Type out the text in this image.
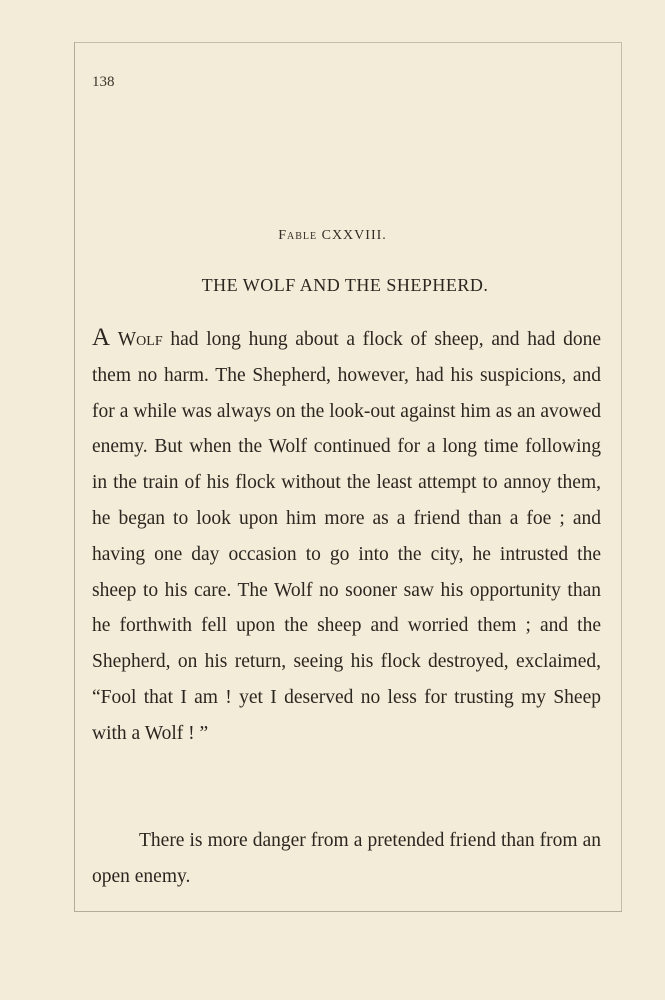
138
Fable CXXVIII.
THE WOLF AND THE SHEPHERD.

A Wolf had long hung about a flock of sheep, and had done them no harm. The Shepherd, however, had his suspicions, and for a while was always on the look-out against him as an avowed enemy. But when the Wolf continued for a long time following in the train of his flock without the least attempt to annoy them, he began to look upon him more as a friend than a foe ; and having one day occasion to go into the city, he intrusted the sheep to his care. The Wolf no sooner saw his opportunity than he forthwith fell upon the sheep and worried them ; and the Shepherd, on his return, seeing his flock destroyed, exclaimed, “Fool that I am ! yet I deserved no less for trusting my Sheep with a Wolf ! ”

There is more danger from a pretended friend than from an open enemy.
